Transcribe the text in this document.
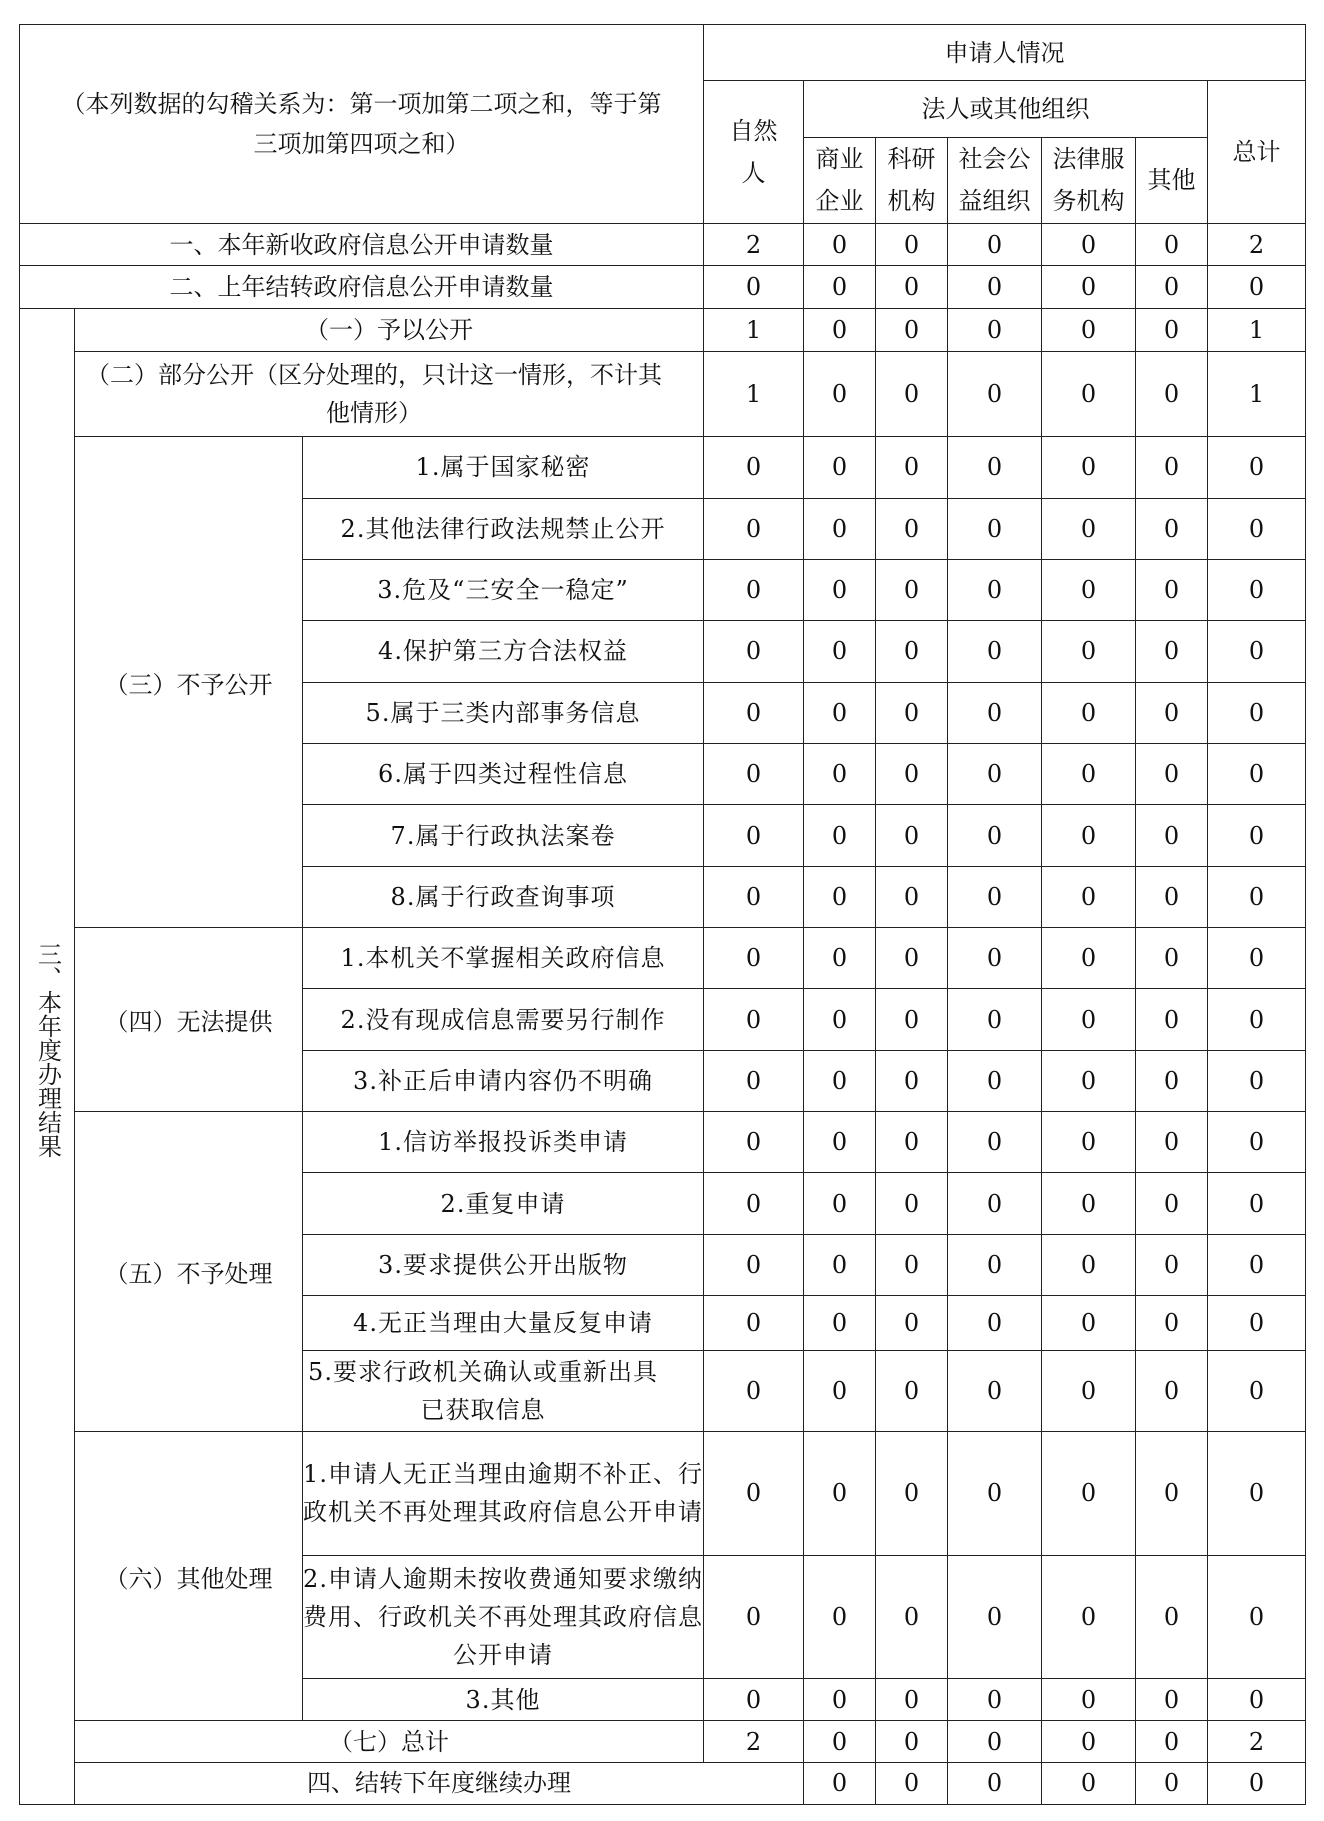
（本列数据的勾稽关系为：第一项加第二项之和，等于第三项加第四项之和）			申请人情况							
			自然人	法人或其他组织					总计	
				商业企业	科研机构	社会公益组织	法律服务机构	其他		

一、本年新收政府信息公开申请数量			2	0	0	0	0	0	2	
二、上年结转政府信息公开申请数量			0	0	0	0	0	0	0	
三、本年度办理结果	（一）予以公开		1	0	0	0	0	0	1	
	（二）部分公开（区分处理的，只计这一情形，不计其他情形）		1	0	0	0	0	0	1	
	（三）不予公开	1.属于国家秘密	0	0	0	0	0	0	0	
		2.其他法律行政法规禁止公开	0	0	0	0	0	0	0	
		3.危及“三安全一稳定”	0	0	0	0	0	0	0	
		4.保护第三方合法权益	0	0	0	0	0	0	0	
		5.属于三类内部事务信息	0	0	0	0	0	0	0	
		6.属于四类过程性信息	0	0	0	0	0	0	0	
		7.属于行政执法案卷	0	0	0	0	0	0	0	
		8.属于行政查询事项	0	0	0	0	0	0	0	
	（四）无法提供	1.本机关不掌握相关政府信息	0	0	0	0	0	0	0	
		2.没有现成信息需要另行制作	0	0	0	0	0	0	0	
		3.补正后申请内容仍不明确	0	0	0	0	0	0	0	
	（五）不予处理	1.信访举报投诉类申请	0	0	0	0	0	0	0	
		2.重复申请	0	0	0	0	0	0	0	
		3.要求提供公开出版物	0	0	0	0	0	0	0	
		4.无正当理由大量反复申请	0	0	0	0	0	0	0	
		5.要求行政机关确认或重新出具已获取信息	0	0	0	0	0	0	0	
	（六）其他处理	1.申请人无正当理由逾期不补正、行政机关不再处理其政府信息公开申请	0	0	0	0	0	0	0	
		2.申请人逾期未按收费通知要求缴纳费用、行政机关不再处理其政府信息公开申请	0	0	0	0	0	0	0	
		3.其他	0	0	0	0	0	0	0	
	（七）总计		2	0	0	0	0	0	2	
	四、结转下年度继续办理			0	0	0	0	0	0	
